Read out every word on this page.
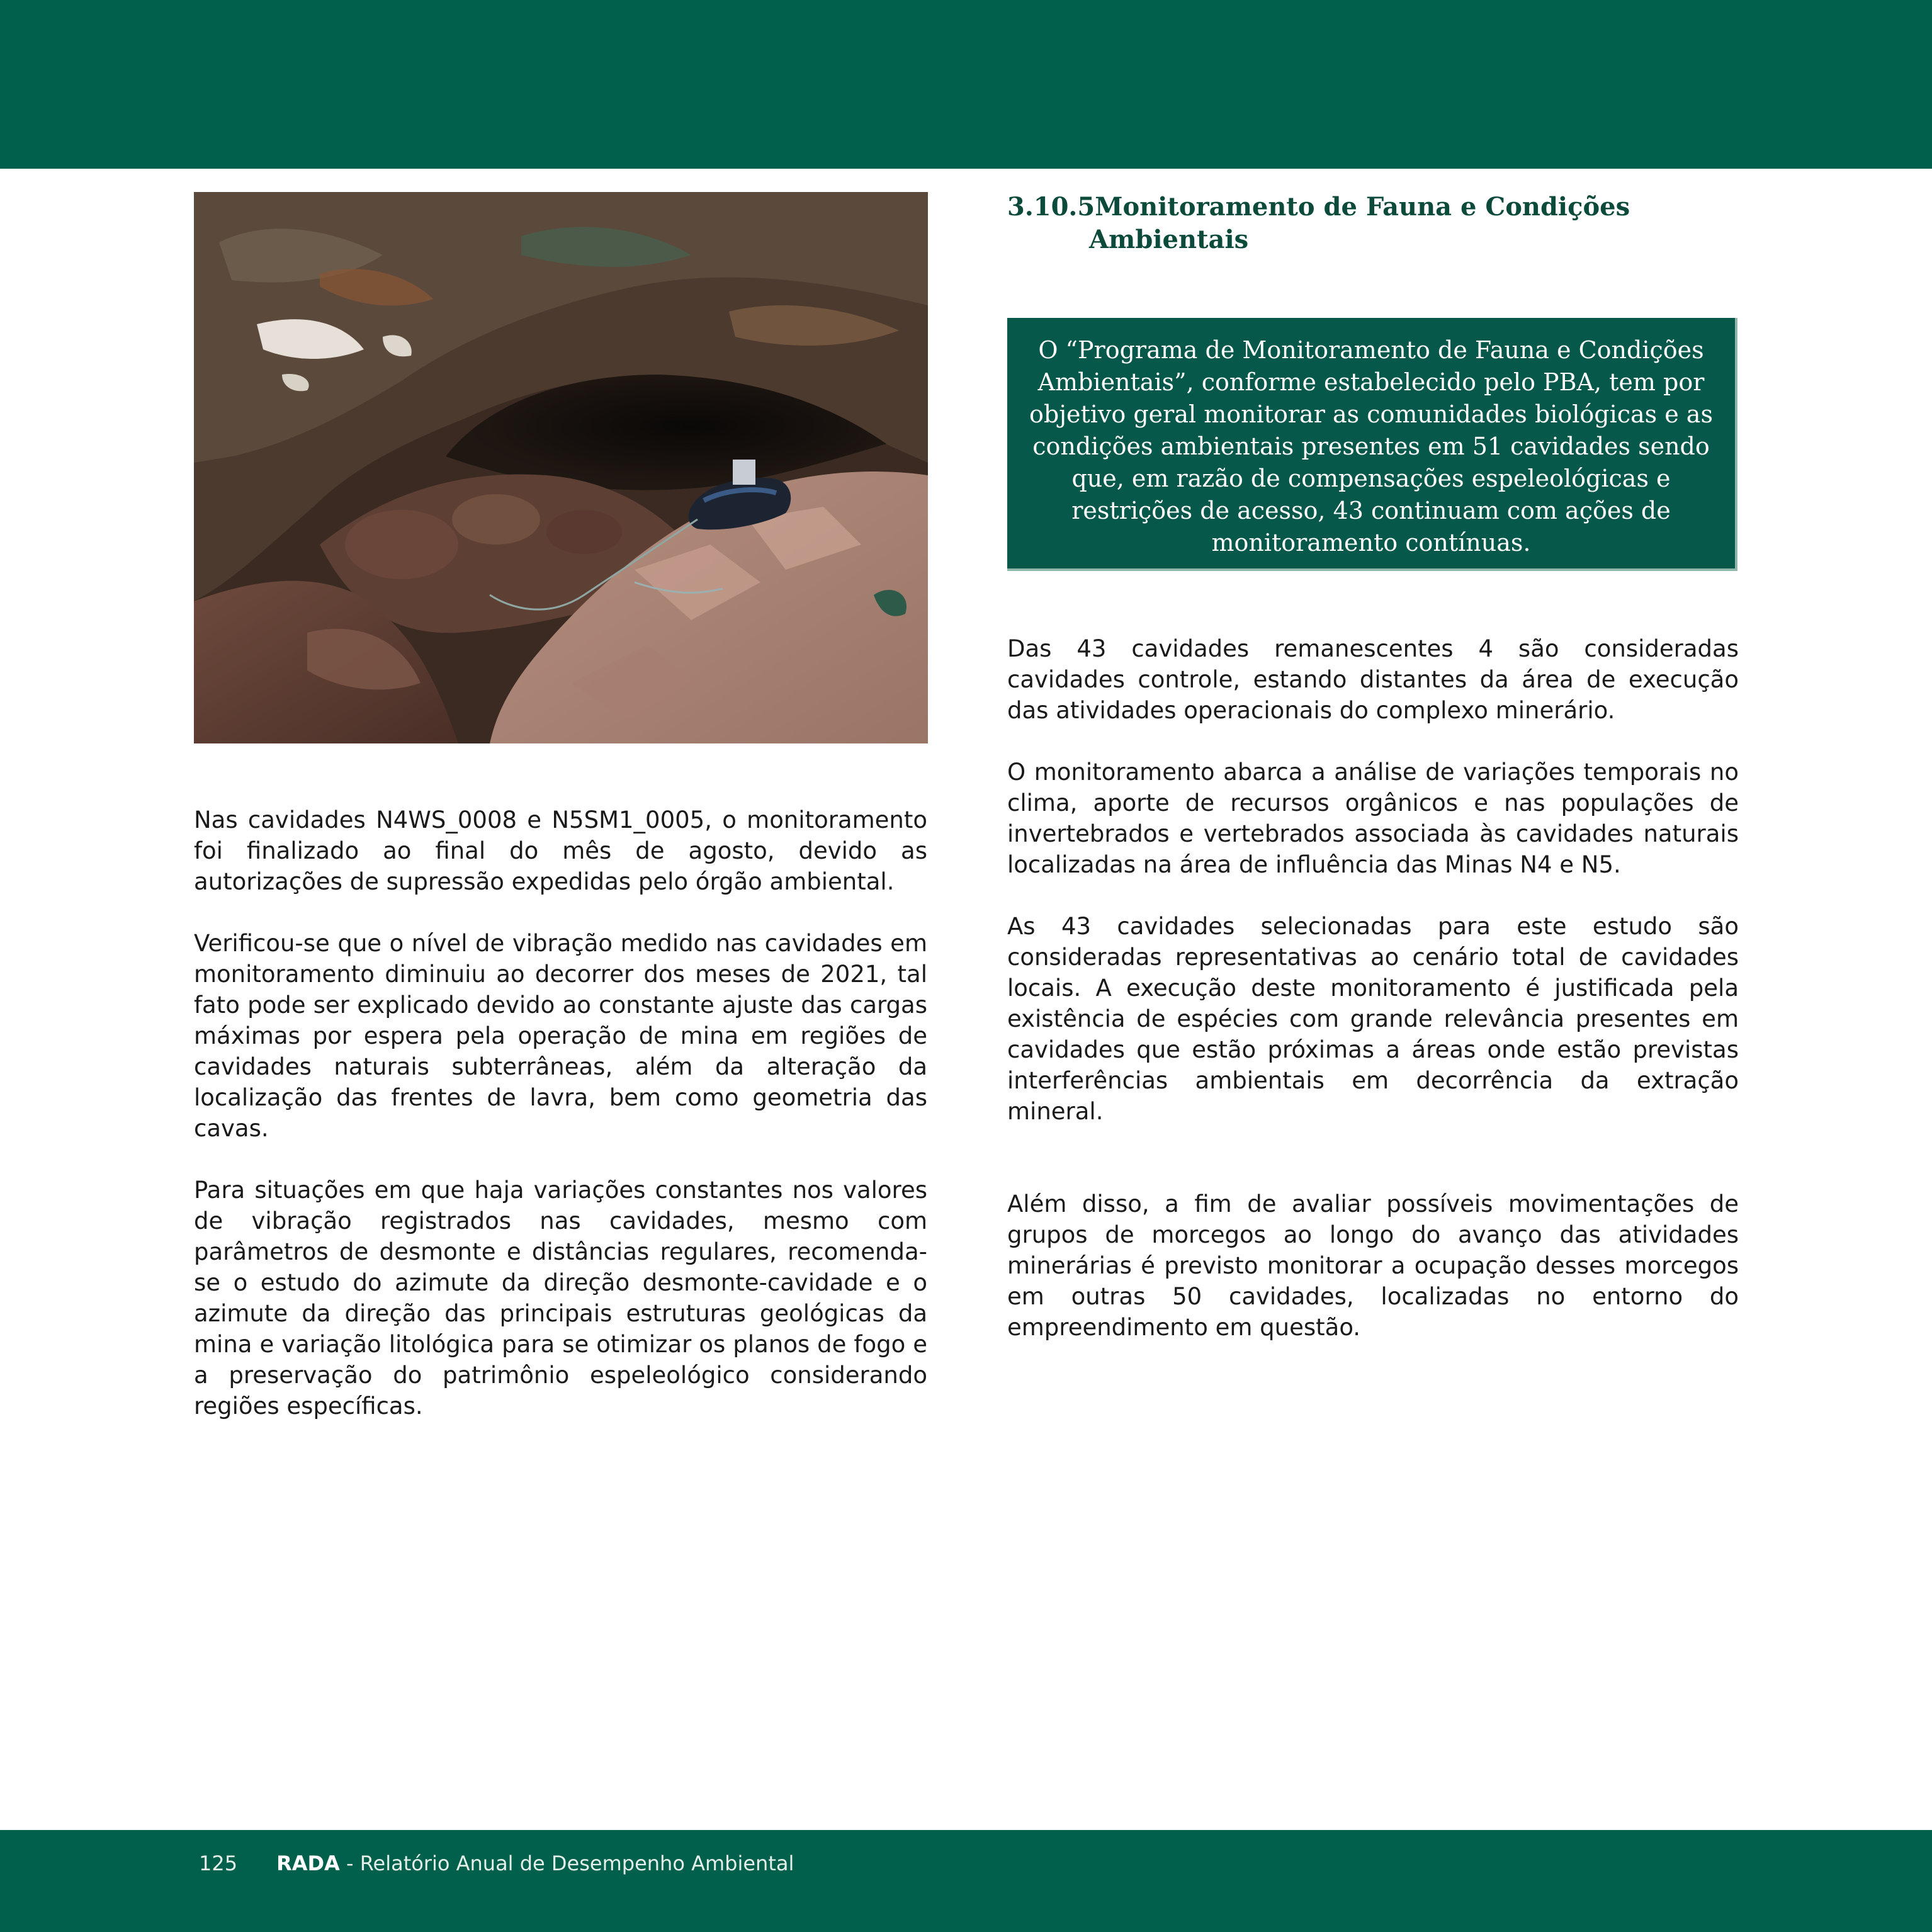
3.10.5Monitoramento de Fauna e Condições
Ambientais
O “Programa de Monitoramento de Fauna e Condições Ambientais”, conforme estabelecido pelo PBA, tem por objetivo geral monitorar as comunidades biológicas e as condições ambientais presentes em 51 cavidades sendo que, em razão de compensações espeleológicas e restrições de acesso, 43 continuam com ações de monitoramento contínuas.

Nas cavidades N4WS_0008 e N5SM1_0005, o monitoramento foi finalizado ao final do mês de agosto, devido as autorizações de supressão expedidas pelo órgão ambiental.

Verificou-se que o nível de vibração medido nas cavidades em monitoramento diminuiu ao decorrer dos meses de 2021, tal fato pode ser explicado devido ao constante ajuste das cargas máximas por espera pela operação de mina em regiões de cavidades naturais subterrâneas, além da alteração da localização das frentes de lavra, bem como geometria das cavas.

Para situações em que haja variações constantes nos valores de vibração registrados nas cavidades, mesmo com parâmetros de desmonte e distâncias regulares, recomenda-se o estudo do azimute da direção desmonte-cavidade e o azimute da direção das principais estruturas geológicas da mina e variação litológica para se otimizar os planos de fogo e a preservação do patrimônio espeleológico considerando regiões específicas.

Das 43 cavidades remanescentes 4 são consideradas cavidades controle, estando distantes da área de execução das atividades operacionais do complexo minerário.

O monitoramento abarca a análise de variações temporais no clima, aporte de recursos orgânicos e nas populações de invertebrados e vertebrados associada às cavidades naturais localizadas na área de influência das Minas N4 e N5.

As 43 cavidades selecionadas para este estudo são consideradas representativas ao cenário total de cavidades locais. A execução deste monitoramento é justificada pela existência de espécies com grande relevância presentes em cavidades que estão próximas a áreas onde estão previstas interferências ambientais em decorrência da extração mineral.

Além disso, a fim de avaliar possíveis movimentações de grupos de morcegos ao longo do avanço das atividades minerárias é previsto monitorar a ocupação desses morcegos em outras 50 cavidades, localizadas no entorno do empreendimento em questão.

125 RADA - Relatório Anual de Desempenho Ambiental
